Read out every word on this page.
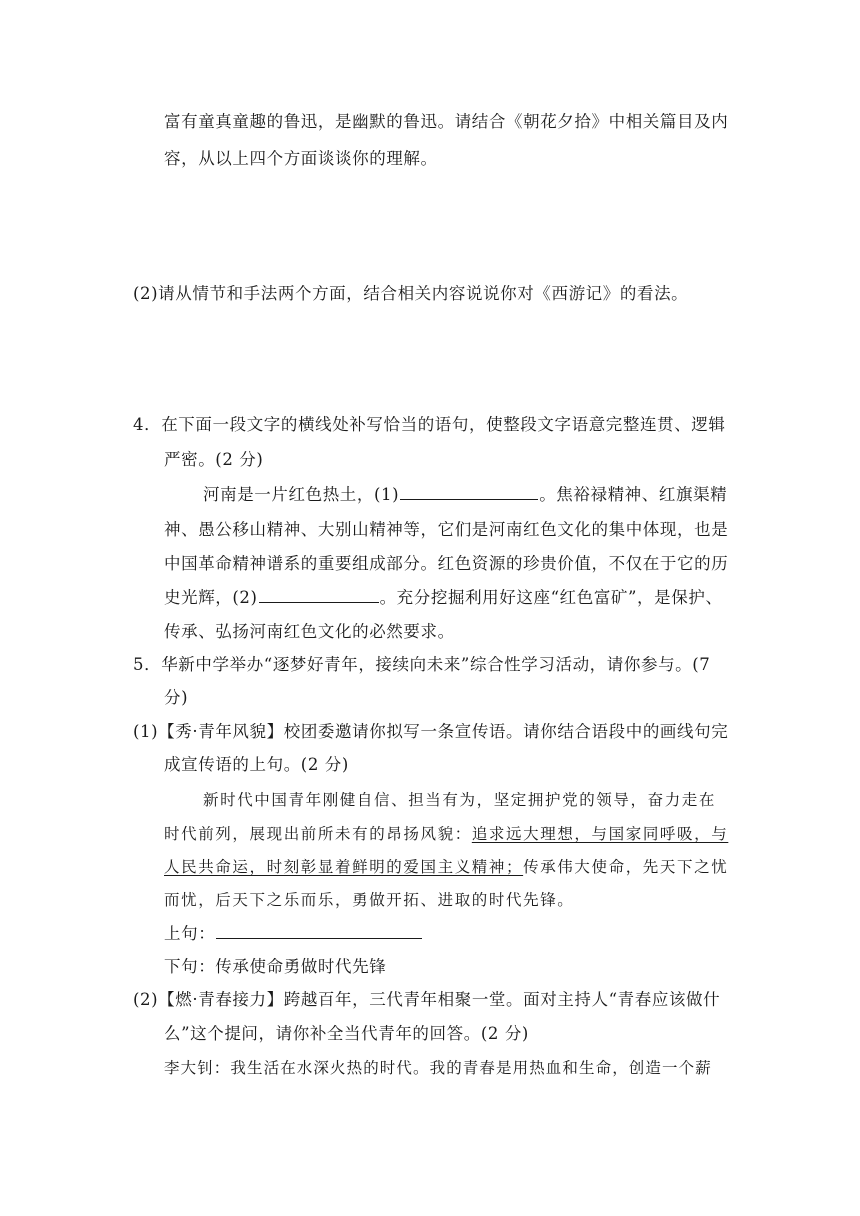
富有童真童趣的鲁迅，是幽默的鲁迅。请结合《朝花夕拾》中相关篇目及内
容，从以上四个方面谈谈你的理解。
(2)请从情节和手法两个方面，结合相关内容说说你对《西游记》的看法。
4．在下面一段文字的横线处补写恰当的语句，使整段文字语意完整连贯、逻辑
严密。(2 分)
河南是一片红色热土，(1)	。焦裕禄精神、红旗渠精
神、愚公移山精神、大别山精神等，它们是河南红色文化的集中体现，也是
中国革命精神谱系的重要组成部分。红色资源的珍贵价值，不仅在于它的历
史光辉，(2)	。充分挖掘利用好这座“红色富矿”，是保护、
传承、弘扬河南红色文化的必然要求。
5．华新中学举办“逐梦好青年，接续向未来”综合性学习活动，请你参与。(7
分)
(1)【秀·青年风貌】校团委邀请你拟写一条宣传语。请你结合语段中的画线句完
成宣传语的上句。(2 分)
新时代中国青年刚健自信、担当有为，坚定拥护党的领导，奋力走在
时代前列，展现出前所未有的昂扬风貌：追求远大理想，与国家同呼吸，与
人民共命运，时刻彰显着鲜明的爱国主义精神；传承伟大使命，先天下之忧
而忧，后天下之乐而乐，勇做开拓、进取的时代先锋。
上句：
下句：传承使命勇做时代先锋
(2)【燃·青春接力】跨越百年，三代青年相聚一堂。面对主持人“青春应该做什
么”这个提问，请你补全当代青年的回答。(2 分)
李大钊：我生活在水深火热的时代。我的青春是用热血和生命，创造一个薪
